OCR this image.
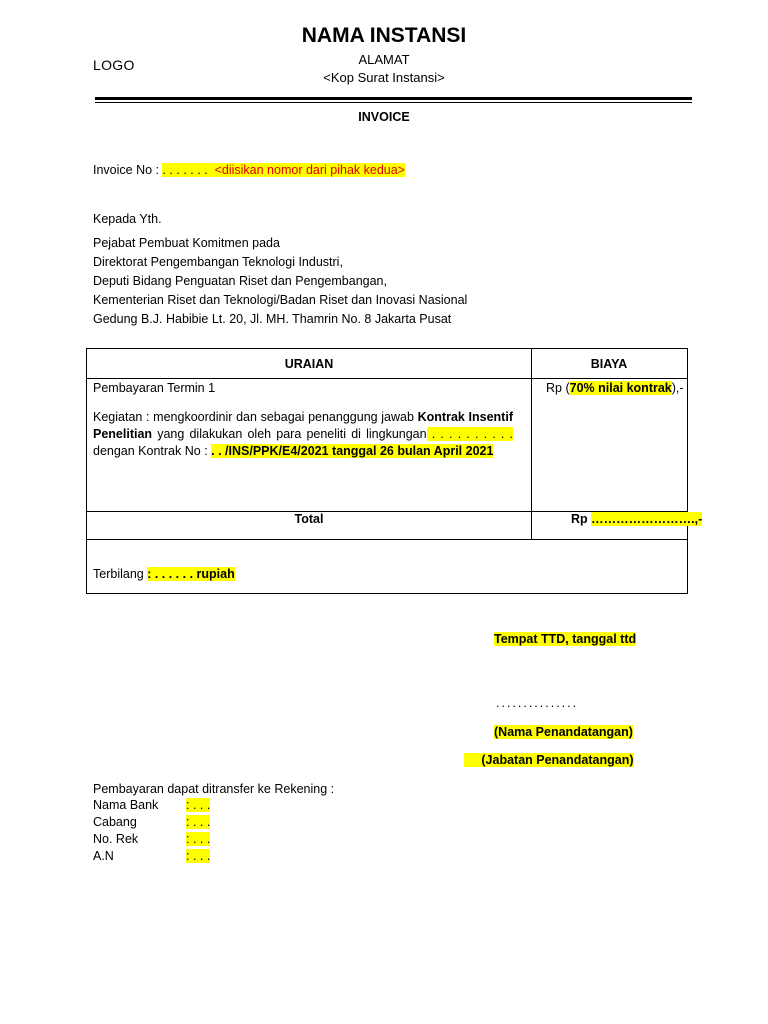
LOGO
NAMA INSTANSI
ALAMAT
<Kop Surat Instansi>
INVOICE
Invoice No : . . . . . . . <diisikan nomor dari pihak kedua>
Kepada Yth.
Pejabat Pembuat Komitmen pada
Direktorat Pengembangan Teknologi Industri,
Deputi Bidang Penguatan Riset dan Pengembangan,
Kementerian Riset dan Teknologi/Badan Riset dan Inovasi Nasional
Gedung B.J. Habibie Lt. 20, Jl. MH. Thamrin No. 8 Jakarta Pusat
URAIAN	BIAYA
Pembayaran Termin 1
Kegiatan : mengkoordinir dan sebagai penanggung jawab Kontrak Insentif Penelitian yang dilakukan oleh para peneliti di lingkungan . . . . . . . . . . dengan Kontrak No : . . /INS/PPK/E4/2021 tanggal 26 bulan April 2021
Rp (70% nilai kontrak),-
Total	Rp …………………….,-
Terbilang : . . . . . . rupiah
Tempat TTD, tanggal ttd
...............
(Nama Penandatangan)
(Jabatan Penandatangan)
Pembayaran dapat ditransfer ke Rekening :
Nama Bank : . . .
Cabang	: . . .
No. Rek	: . . .
A.N	: . . .
